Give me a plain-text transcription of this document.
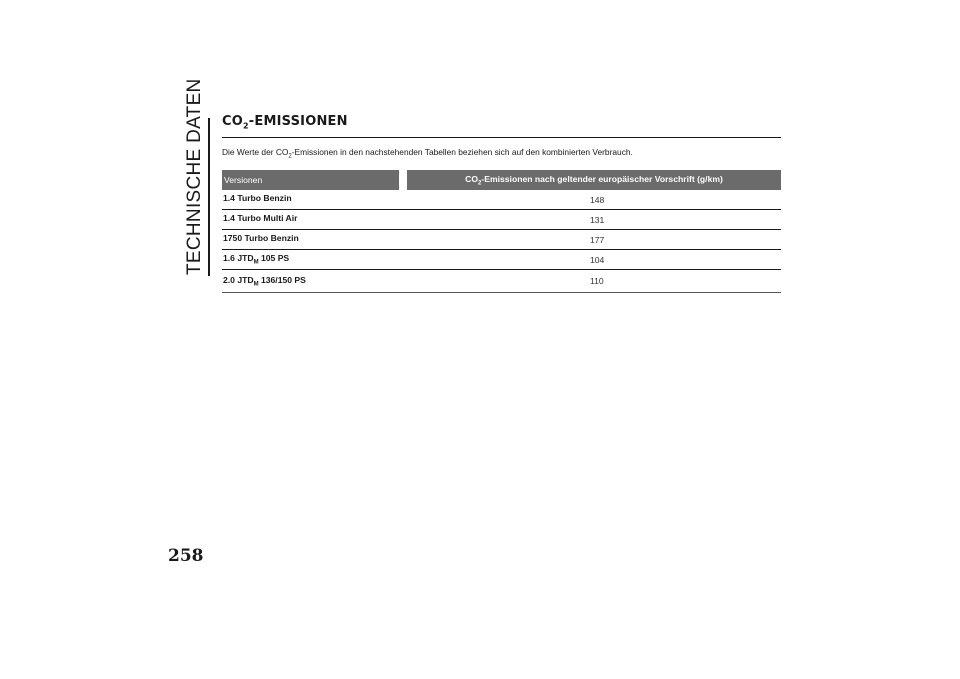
TECHNISCHE DATEN
258
$CO_2$-EMISSIONEN

Die Werte der $CO_2$-Emissionen in den nachstehenden Tabellen beziehen sich auf den kombinierten Verbrauch.

Versionen		$CO_2$-Emissionen nach geltender europäischer Vorschrift (g/km)
1.4 Turbo Benzin		148
1.4 Turbo Multi Air		131
1750 Turbo Benzin		177
1.6 $JTD_M$ 105 PS		104
2.0 $JTD_M$ 136/150 PS		110
